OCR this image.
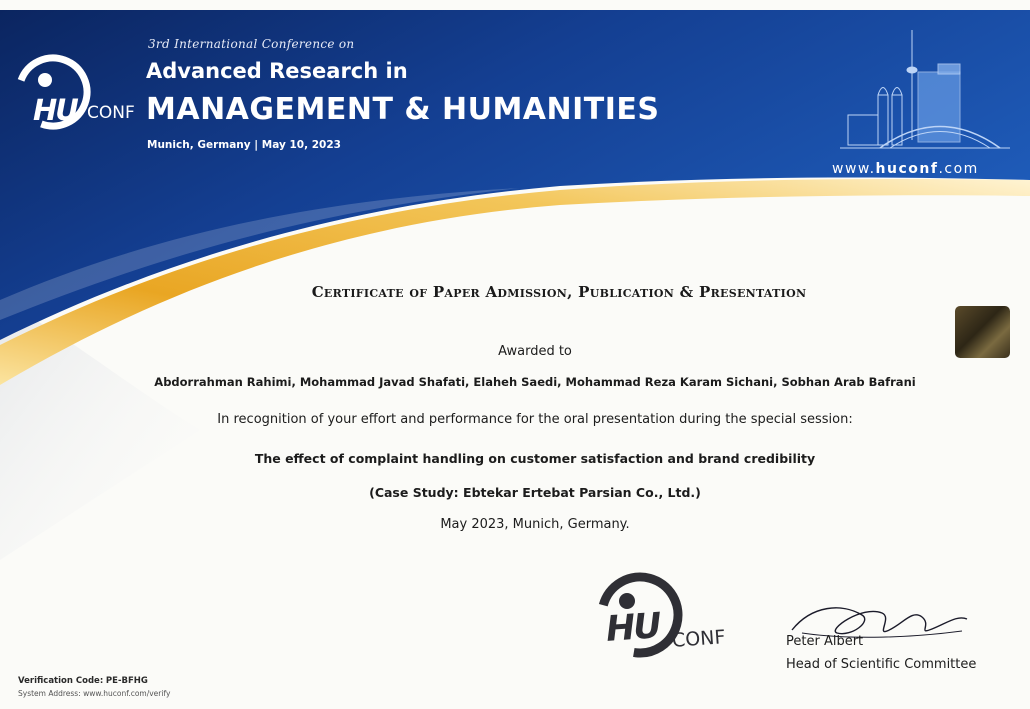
HU CONF
3rd International Conference on
Advanced Research in
MANAGEMENT & HUMANITIES
Munich, Germany | May 10, 2023
www.huconf.com
Certificate of Paper Admission, Publication & Presentation
Awarded to
Abdorrahman Rahimi, Mohammad Javad Shafati, Elaheh Saedi, Mohammad Reza Karam Sichani, Sobhan Arab Bafrani
In recognition of your effort and performance for the oral presentation during the special session:
The effect of complaint handling on customer satisfaction and brand credibility
(Case Study: Ebtekar Ertebat Parsian Co., Ltd.)
May 2023, Munich, Germany.
HU CONF	Peter Albert
Head of Scientific Committee
Verification Code: PE-BFHG
System Address: www.huconf.com/verify
